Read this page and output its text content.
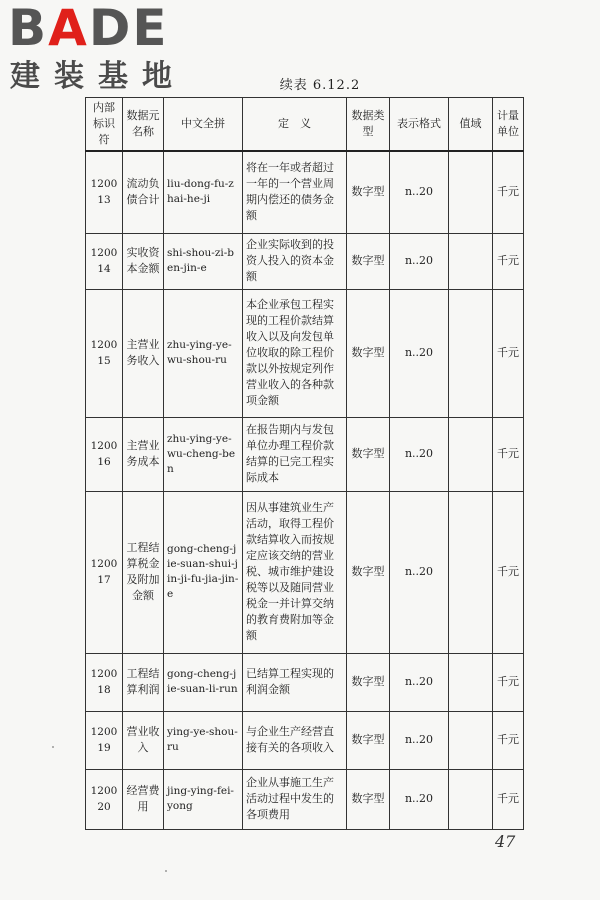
BADE
建装基地	续表 6.12.2
内部标识符	数据元名称	中文全拼	定　义	数据类型	表示格式	值域	计量单位
120013	流动负债合计	liu-dong-fu-zhai-he-ji	将在一年或者超过一年的一个营业周期内偿还的债务金额	数字型	n..20		千元
120014	实收资本金额	shi-shou-zi-ben-jin-e	企业实际收到的投资人投入的资本金额	数字型	n..20		千元
120015	主营业务收入	zhu-ying-ye-wu-shou-ru	本企业承包工程实现的工程价款结算收入以及向发包单位收取的除工程价款以外按规定列作营业收入的各种款项金额	数字型	n..20		千元
120016	主营业务成本	zhu-ying-ye-wu-cheng-ben	在报告期内与发包单位办理工程价款结算的已完工程实际成本	数字型	n..20		千元
120017	工程结算税金及附加金额	gong-cheng-jie-suan-shui-jin-ji-fu-jia-jin-e	因从事建筑业生产活动，取得工程价款结算收入而按规定应该交纳的营业税、城市维护建设税等以及随同营业税金一并计算交纳的教育费附加等金额	数字型	n..20		千元
120018	工程结算利润	gong-cheng-jie-suan-li-run	已结算工程实现的利润金额	数字型	n..20		千元
120019	营业收入	ying-ye-shou-ru	与企业生产经营直接有关的各项收入	数字型	n..20		千元
120020	经营费用	jing-ying-fei-yong	企业从事施工生产活动过程中发生的各项费用	数字型	n..20		千元
47
